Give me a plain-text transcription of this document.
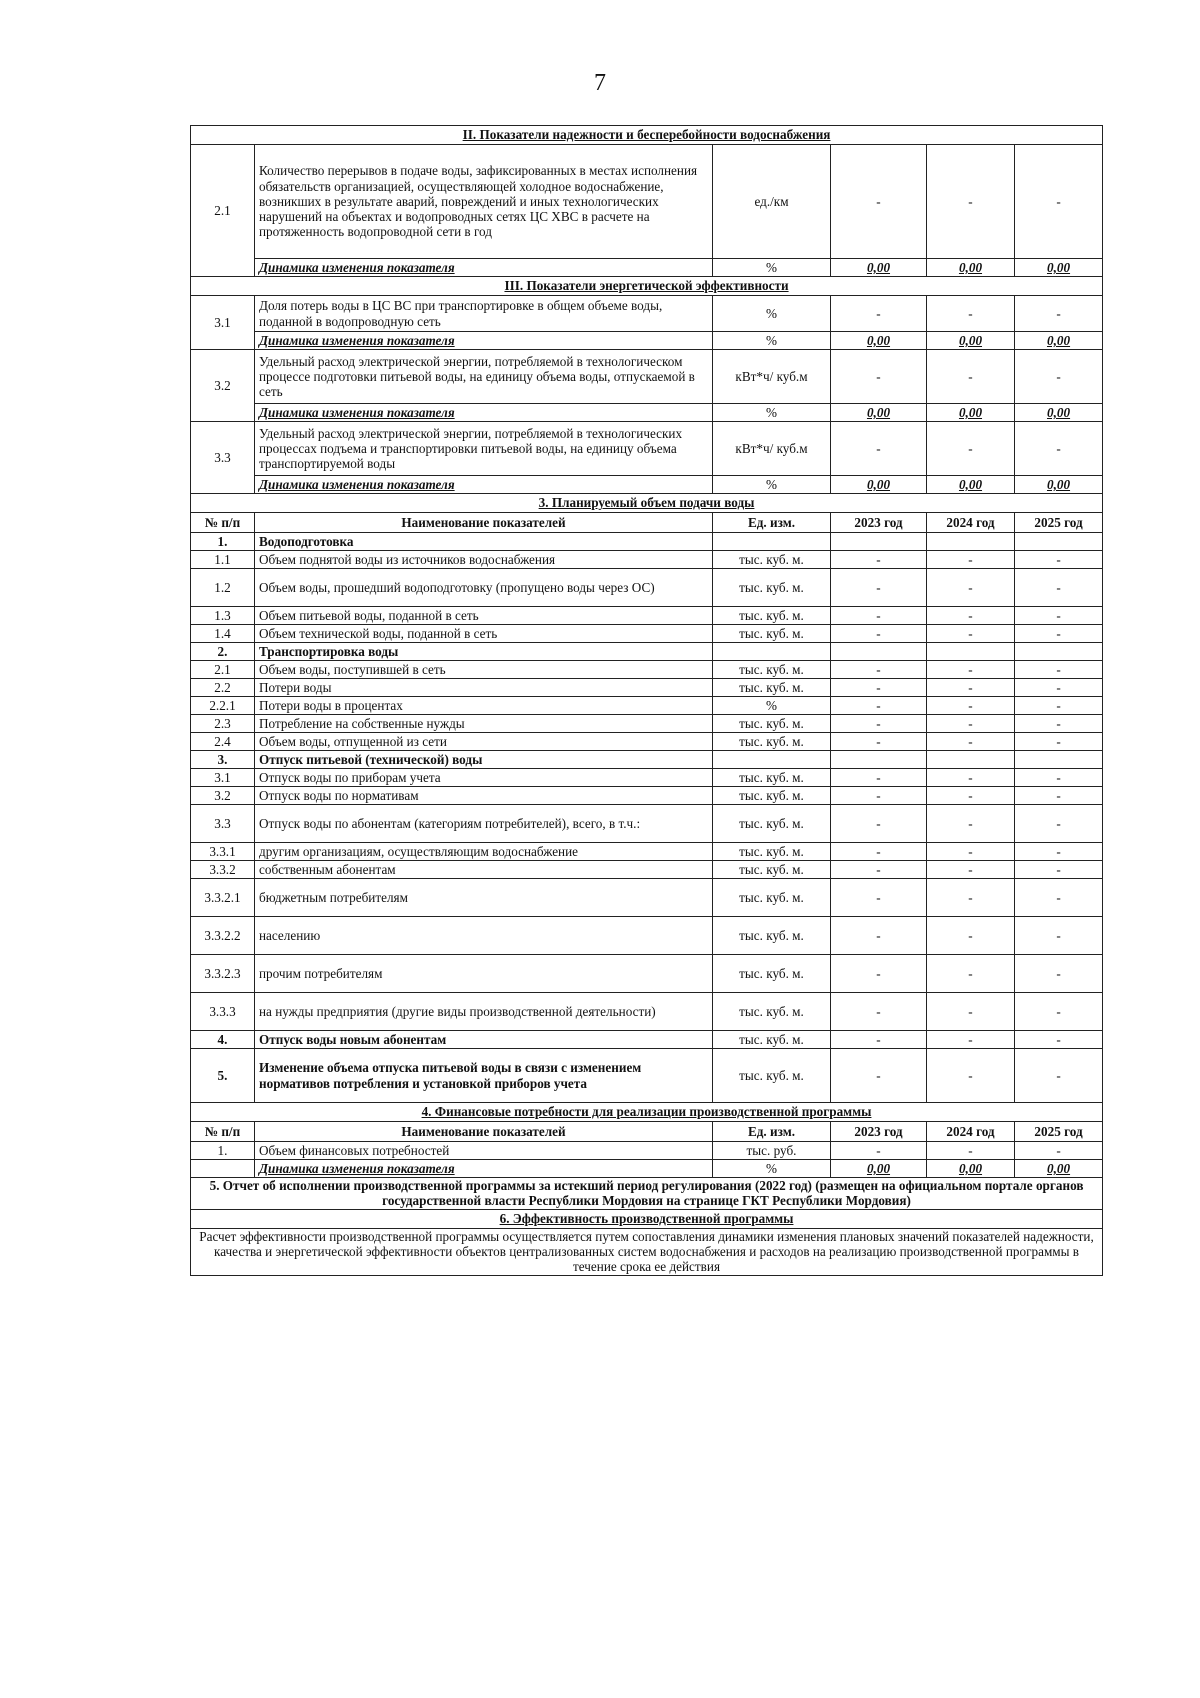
7
II. Показатели надежности и бесперебойности водоснабжения					
2.1	Количество перерывов в подаче воды, зафиксированных в местах исполнения обязательств организацией, осуществляющей холодное водоснабжение, возникших в результате аварий, повреждений и иных технологических нарушений на объектах и водопроводных сетях ЦС ХВС в расчете на протяженность водопроводной сети в год	ед./км	-	-	-
	Динамика изменения показателя	%	0,00	0,00	0,00
III. Показатели энергетической эффективности					
3.1	Доля потерь воды в ЦС ВС при транспортировке в общем объеме воды, поданной в водопроводную сеть	%	-	-	-
	Динамика изменения показателя	%	0,00	0,00	0,00
3.2	Удельный расход электрической энергии, потребляемой в технологическом процессе подготовки питьевой воды, на единицу объема воды, отпускаемой в сеть	кВт*ч/ куб.м	-	-	-
	Динамика изменения показателя	%	0,00	0,00	0,00
3.3	Удельный расход электрической энергии, потребляемой в технологических процессах подъема и транспортировки питьевой воды, на единицу объема транспортируемой воды	кВт*ч/ куб.м	-	-	-
	Динамика изменения показателя	%	0,00	0,00	0,00
3. Планируемый объем подачи воды					
№ п/п	Наименование показателей	Ед. изм.	2023 год	2024 год	2025 год
1.	Водоподготовка				
1.1	Объем поднятой воды из источников водоснабжения	тыс. куб. м.	-	-	-
1.2	Объем воды, прошедший водоподготовку (пропущено воды через ОС)	тыс. куб. м.	-	-	-
1.3	Объем питьевой воды, поданной в сеть	тыс. куб. м.	-	-	-
1.4	Объем технической воды, поданной в сеть	тыс. куб. м.	-	-	-
2.	Транспортировка воды				
2.1	Объем воды, поступившей в сеть	тыс. куб. м.	-	-	-
2.2	Потери воды	тыс. куб. м.	-	-	-
2.2.1	Потери воды в процентах	%	-	-	-
2.3	Потребление на собственные нужды	тыс. куб. м.	-	-	-
2.4	Объем воды, отпущенной из сети	тыс. куб. м.	-	-	-
3.	Отпуск питьевой (технической) воды				
3.1	Отпуск воды по приборам учета	тыс. куб. м.	-	-	-
3.2	Отпуск воды по нормативам	тыс. куб. м.	-	-	-
3.3	Отпуск воды по абонентам (категориям потребителей), всего, в т.ч.:	тыс. куб. м.	-	-	-
3.3.1	другим организациям, осуществляющим водоснабжение	тыс. куб. м.	-	-	-
3.3.2	собственным абонентам	тыс. куб. м.	-	-	-
3.3.2.1	бюджетным потребителям	тыс. куб. м.	-	-	-
3.3.2.2	населению	тыс. куб. м.	-	-	-
3.3.2.3	прочим потребителям	тыс. куб. м.	-	-	-
3.3.3	на нужды предприятия (другие виды производственной деятельности)	тыс. куб. м.	-	-	-
4.	Отпуск воды новым абонентам	тыс. куб. м.	-	-	-
5.	Изменение объема отпуска питьевой воды в связи с изменением нормативов потребления и установкой приборов учета	тыс. куб. м.	-	-	-
4. Финансовые потребности для реализации производственной программы					
№ п/п	Наименование показателей	Ед. изм.	2023 год	2024 год	2025 год
1.	Объем финансовых потребностей	тыс. руб.	-	-	-
	Динамика изменения показателя	%	0,00	0,00	0,00
5. Отчет об исполнении производственной программы за истекший период регулирования (2022 год) (размещен на официальном портале органов государственной власти Республики Мордовия на странице ГКТ Республики Мордовия)					
6. Эффективность производственной программы					
Расчет эффективности производственной программы осуществляется путем сопоставления динамики изменения плановых значений показателей надежности, качества и энергетической эффективности объектов централизованных систем водоснабжения и расходов на реализацию производственной программы в течение срока ее действия					
